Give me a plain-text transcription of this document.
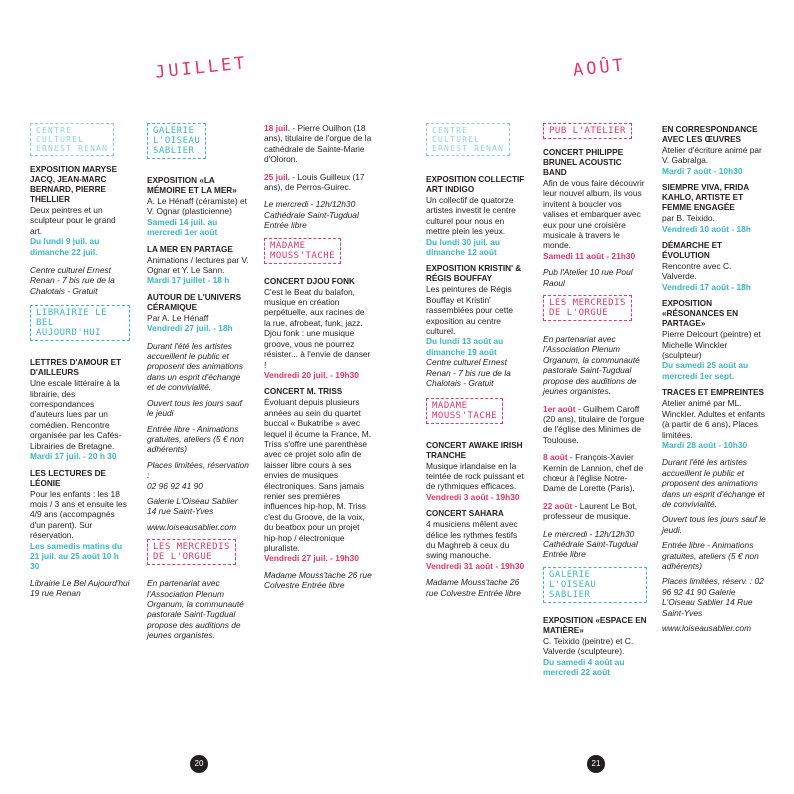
JUILLET	AOÛT
CENTRE
CULTUREL
ERNEST RENAN
EXPOSITION MARYSE JACQ, JEAN-MARC BERNARD, PIERRE THELLIER
Deux peintres et un sculpteur pour le grand art.
Du lundi 9 juil. au dimanche 22 juil.
Centre culturel Ernest Renan - 7 bis rue de la Chalotais - Gratuit
LIBRAIRIE LE BEL
AUJOURD'HUI
LETTRES D'AMOUR ET D'AILLEURS
Une escale littéraire à la librairie, des correspondances d'auteurs lues par un comédien. Rencontre organisée par les Cafés-Librairies de Bretagne.
Mardi 17 juil. - 20 h 30
LES LECTURES DE LÉONIE
Pour les enfants : les 18 mois / 3 ans et ensuite les 4/9 ans (accompagnés d'un parent). Sur réservation.
Les samedis matins du 21 juil. au 25 août 10 h 30
Librairie Le Bel Aujourd'hui 19 rue Renan
GALERIE
L'OISEAU
SABLIER
EXPOSITION «LA MÉMOIRE ET LA MER»
A. Le Hénaff (céramiste) et V. Ognar (plasticienne)
Samedi 14 juil. au mercredi 1er août
LA MER EN PARTAGE
Animations / lectures par V. Ognar et Y. Le Sann.
Mardi 17 juillet - 18 h
AUTOUR DE L'UNIVERS CÉRAMIQUE
Par A. Le Hénaff
Vendredi 27 juil. - 18h
Durant l'été les artistes accueillent le public et proposent des animations dans un esprit d'échange et de convivialité.
Ouvert tous les jours sauf le jeudi
Entrée libre - Animations gratuites, ateliers (5 € non adhérents)
Places limitées, réservation :
02 96 92 41 90
Galerie L'Oiseau Sablier 14 rue Saint-Yves
www.loiseausablier.com
LES MERCREDIS
DE L'ORGUE
En partenariat avec l'Association Plenum Organum, la communauté pastorale Saint-Tugdual propose des auditions de jeunes organistes.
18 juil. - Pierre Ouilhon (18 ans), titulaire de l'orgue de la cathédrale de Sainte-Marie d'Oloron.
25 juil. - Louis Guilleux (17 ans), de Perros-Guirec.
Le mercredi - 12h/12h30 Cathédrale Saint-Tugdual Entrée libre
MADAME
MOUSS'TACHE
CONCERT DJOU FONK
C'est le Beat du balafon, musique en création perpétuelle, aux racines de la rue, afrobeat, funk, jazz. Djou fonk : une musique groove, vous ne pourrez résister... à l'envie de danser !
Vendredi 20 juil. - 19h30
CONCERT M. TRISS
Évoluant depuis plusieurs années au sein du quartet buccal « Bukatribe » avec lequel il écume la France, M. Triss s'offre une parenthèse avec ce projet solo afin de laisser libre cours à ses envies de musiques électroniques. Sans jamais renier ses premières influences hip-hop, M. Triss c'est du Groove, de la voix, du beatbox pour un projet hip-hop / électronique pluraliste.
Vendredi 27 juil. - 19h30
Madame Mouss'tache 26 rue Colvestre Entrée libre
20
CENTRE
CULTUREL
ERNEST RENAN
EXPOSITION COLLECTIF ART INDIGO
Un collectif de quatorze artistes investit le centre culturel pour nous en mettre plein les yeux.
Du lundi 30 juil. au dimanche 12 août
EXPOSITION KRISTIN' & RÉGIS BOUFFAY
Les peintures de Régis Bouffay et Kristin' rassemblées pour cette exposition au centre culturel.
Du lundi 13 août au dimanche 19 août
Centre culturel Ernest Renan - 7 bis rue de la Chalotais - Gratuit
MADAME
MOUSS'TACHE
CONCERT AWAKE IRISH TRANCHE
Musique irlandaise en la teintée de rock puissant et de rythmiques efficaces.
Vendredi 3 août - 19h30
CONCERT SAHARA
4 musiciens mêlent avec délice les rythmes festifs du Maghreb à ceux du swing manouche.
Vendredi 31 août - 19h30
Madame Mouss'tache 26 rue Colvestre Entrée libre
PUB L'ATELIER
CONCERT PHILIPPE BRUNEL ACOUSTIC BAND
Afin de vous faire découvrir leur nouvel album, ils vous invitent à boucler vos valises et embarquer avec eux pour une croisière musicale à travers le monde.
Samedi 11 août - 21h30
Pub l'Atelier 10 rue Poul Raoul
LES MERCREDIS
DE L'ORGUE
En partenariat avec l'Association Plenum Organum, la communauté pastorale Saint-Tugdual propose des auditions de jeunes organistes.
1er août - Guilhem Caroff (20 ans), titulaire de l'orgue de l'église des Minimes de Toulouse.
8 août - François-Xavier Kernin de Lannion, chef de chœur à l'église Notre-Dame de Lorette (Paris).
22 août - Laurent Le Bot, professeur de musique.
Le mercredi - 12h/12h30 Cathédrale Saint-Tugdual Entrée libre
GALERIE
L'OISEAU SABLIER
EXPOSITION «ESPACE EN MATIÈRE»
C. Teixido (peintre) et C. Valverde (sculpteure).
Du samedi 4 août au mercredi 22 août
EN CORRESPONDANCE AVEC LES ŒUVRES
Atelier d'écriture animé par V. Gabralga.
Mardi 7 août - 10h30
SIEMPRE VIVA, FRIDA KAHLO, ARTISTE ET FEMME ENGAGÉE
par B. Teixido.
Vendredi 10 août - 18h
DÉMARCHE ET ÉVOLUTION
Rencontre avec C. Valverde.
Vendredi 17 août - 18h
EXPOSITION «RÉSONANCES EN PARTAGE»
Pierre Delcourt (peintre) et Michelle Winckler (sculpteur)
Du samedi 25 août au mercredi 1er sept.
TRACES ET EMPREINTES
Atelier animé par ML. Winckler. Adultes et enfants (à partir de 6 ans). Places limitées.
Mardi 28 août - 10h30
Durant l'été les artistes accueillent le public et proposent des animations dans un esprit d'échange et de convivialité.
Ouvert tous les jours sauf le jeudi.
Entrée libre - Animations gratuites, ateliers (5 € non adhérents)
Places limitées, réserv. : 02 96 92 41 90 Galerie L'Oiseau Sablier 14 Rue Saint-Yves
www.loiseausablier.com
21
